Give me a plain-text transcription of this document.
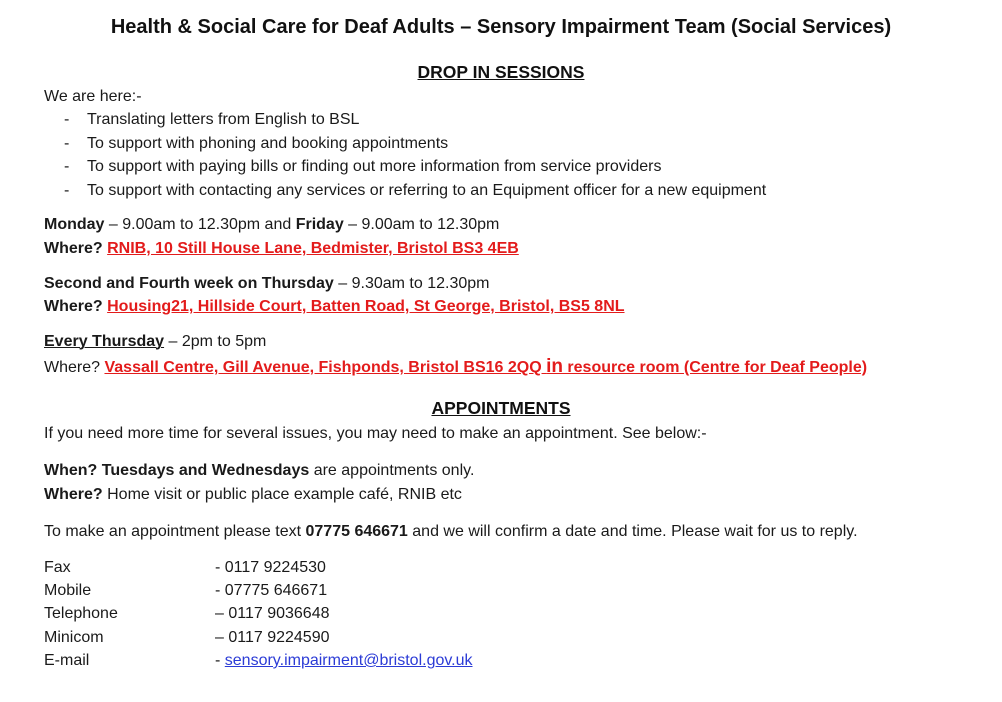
Health & Social Care for Deaf Adults – Sensory Impairment Team (Social Services)
DROP IN SESSIONS
We are here:-
- Translating letters from English to BSL
- To support with phoning and booking appointments
- To support with paying bills or finding out more information from service providers
- To support with contacting any services or referring to an Equipment officer for a new equipment
Monday – 9.00am to 12.30pm and Friday – 9.00am to 12.30pm
Where? RNIB, 10 Still House Lane, Bedmister, Bristol BS3 4EB
Second and Fourth week on Thursday – 9.30am to 12.30pm
Where? Housing21, Hillside Court, Batten Road, St George, Bristol, BS5 8NL
Every Thursday – 2pm to 5pm
Where? Vassall Centre, Gill Avenue, Fishponds, Bristol BS16 2QQ in resource room (Centre for Deaf People)
APPOINTMENTS
If you need more time for several issues, you may need to make an appointment. See below:-
When? Tuesdays and Wednesdays are appointments only.
Where? Home visit or public place example café, RNIB etc
To make an appointment please text 07775 646671 and we will confirm a date and time. Please wait for us to reply.
Fax	- 0117 9224530
Mobile	- 07775 646671
Telephone	– 0117 9036648
Minicom	– 0117 9224590
E-mail	- sensory.impairment@bristol.gov.uk
